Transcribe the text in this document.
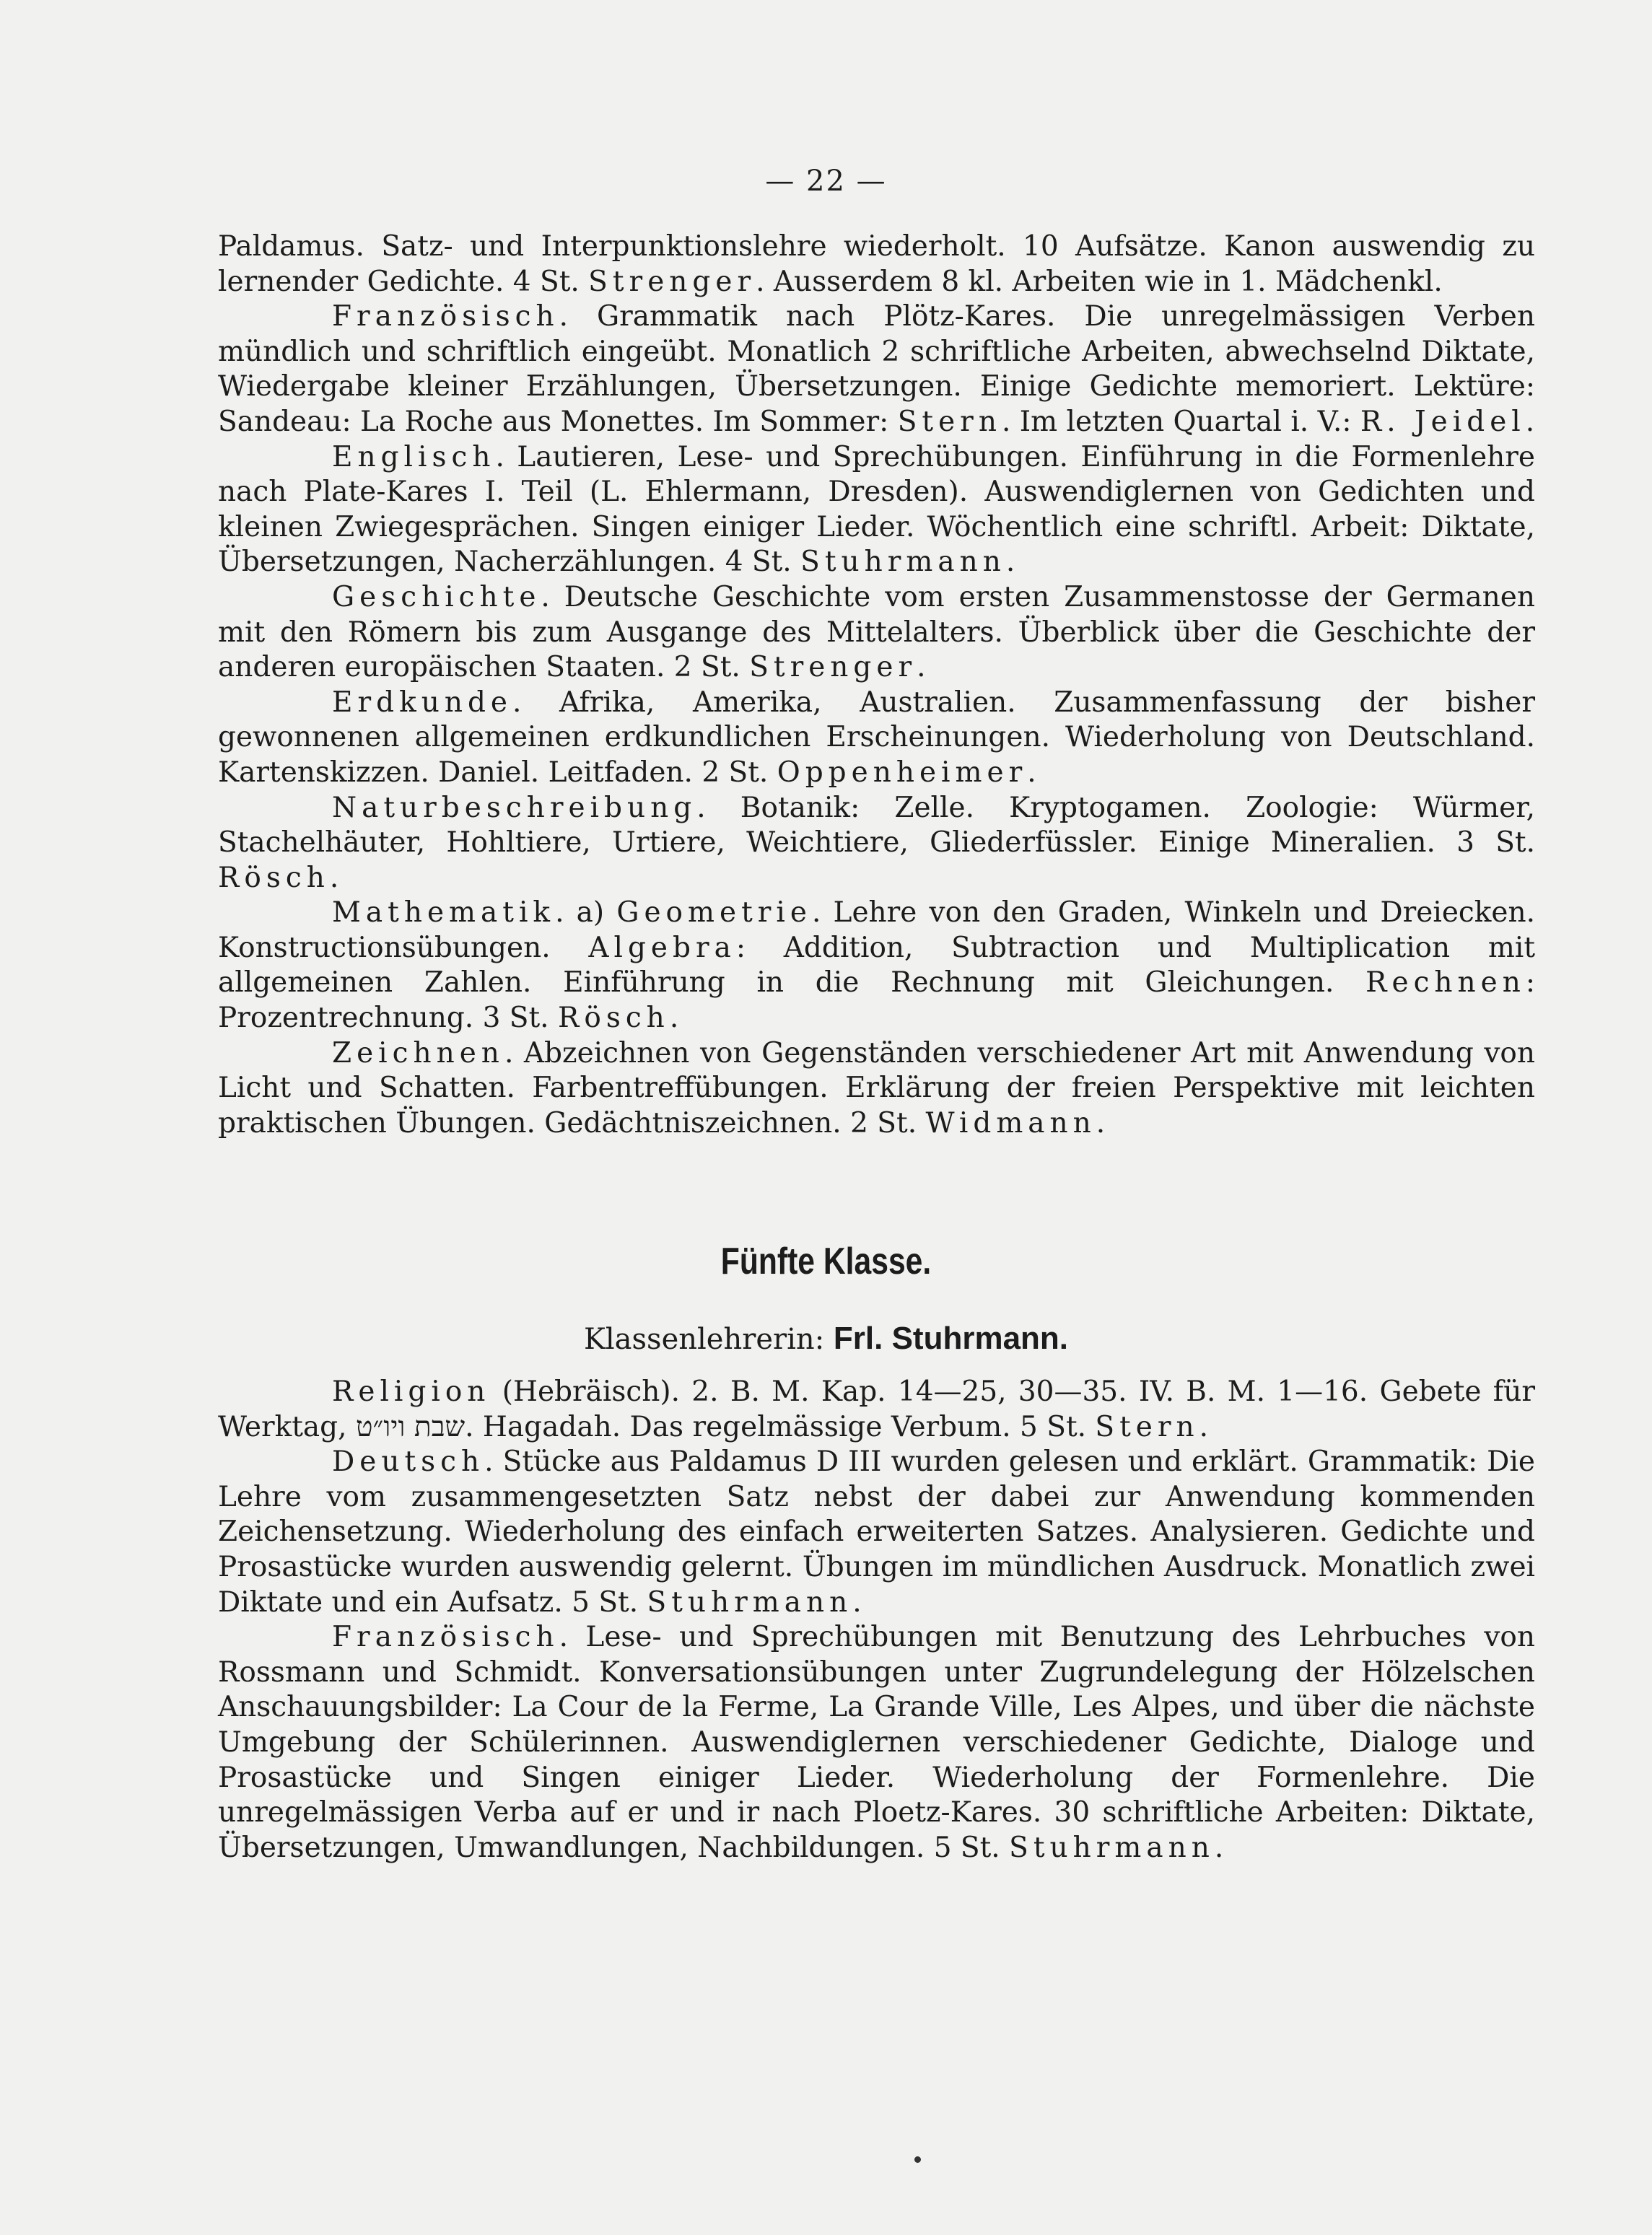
— 22 —

Paldamus. Satz- und Interpunktionslehre wiederholt. 10 Aufsätze. Kanon auswendig zu lernender Gedichte. 4 St. Strenger. Ausserdem 8 kl. Arbeiten wie in 1. Mädchenkl.

Französisch. Grammatik nach Plötz-Kares. Die unregelmässigen Verben mündlich und schriftlich eingeübt. Monatlich 2 schriftliche Arbeiten, abwechselnd Diktate, Wiedergabe kleiner Erzählungen, Übersetzungen. Einige Gedichte memoriert. Lektüre: Sandeau: La Roche aus Monettes. Im Sommer: Stern. Im letzten Quartal i. V.: R. Jeidel.

Englisch. Lautieren, Lese- und Sprechübungen. Einführung in die Formenlehre nach Plate-Kares I. Teil (L. Ehlermann, Dresden). Auswendiglernen von Gedichten und kleinen Zwiegesprächen. Singen einiger Lieder. Wöchentlich eine schriftl. Arbeit: Diktate, Übersetzungen, Nacherzählungen. 4 St. Stuhrmann.

Geschichte. Deutsche Geschichte vom ersten Zusammenstosse der Germanen mit den Römern bis zum Ausgange des Mittelalters. Überblick über die Geschichte der anderen europäischen Staaten. 2 St. Strenger.

Erdkunde. Afrika, Amerika, Australien. Zusammenfassung der bisher gewonnenen allgemeinen erdkundlichen Erscheinungen. Wiederholung von Deutschland. Kartenskizzen. Daniel. Leitfaden. 2 St. Oppenheimer.

Naturbeschreibung. Botanik: Zelle. Kryptogamen. Zoologie: Würmer, Stachelhäuter, Hohltiere, Urtiere, Weichtiere, Gliederfüssler. Einige Mineralien. 3 St. Rösch.

Mathematik. a) Geometrie. Lehre von den Graden, Winkeln und Dreiecken. Konstructionsübungen. Algebra: Addition, Subtraction und Multiplication mit allgemeinen Zahlen. Einführung in die Rechnung mit Gleichungen. Rechnen: Prozentrechnung. 3 St. Rösch.

Zeichnen. Abzeichnen von Gegenständen verschiedener Art mit Anwendung von Licht und Schatten. Farbentreffübungen. Erklärung der freien Perspektive mit leichten praktischen Übungen. Gedächtniszeichnen. 2 St. Widmann.

Fünfte Klasse.
Klassenlehrerin: Frl. Stuhrmann.

Religion (Hebräisch). 2. B. M. Kap. 14—25, 30—35. IV. B. M. 1—16. Gebete für Werktag, שבת ויו״ט. Hagadah. Das regelmässige Verbum. 5 St. Stern.

Deutsch. Stücke aus Paldamus D III wurden gelesen und erklärt. Grammatik: Die Lehre vom zusammengesetzten Satz nebst der dabei zur Anwendung kommenden Zeichensetzung. Wiederholung des einfach erweiterten Satzes. Analysieren. Gedichte und Prosastücke wurden auswendig gelernt. Übungen im mündlichen Ausdruck. Monatlich zwei Diktate und ein Aufsatz. 5 St. Stuhrmann.

Französisch. Lese- und Sprechübungen mit Benutzung des Lehrbuches von Rossmann und Schmidt. Konversationsübungen unter Zugrundelegung der Hölzelschen Anschauungsbilder: La Cour de la Ferme, La Grande Ville, Les Alpes, und über die nächste Umgebung der Schülerinnen. Auswendiglernen verschiedener Gedichte, Dialoge und Prosastücke und Singen einiger Lieder. Wiederholung der Formenlehre. Die unregelmässigen Verba auf er und ir nach Ploetz-Kares. 30 schriftliche Arbeiten: Diktate, Übersetzungen, Umwandlungen, Nachbildungen. 5 St. Stuhrmann.
